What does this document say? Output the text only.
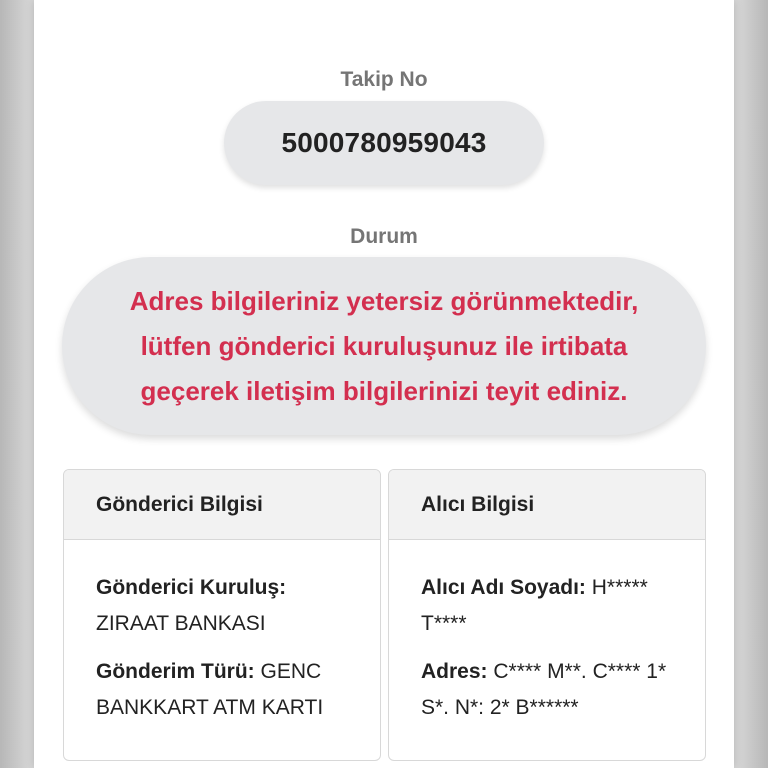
Takip No
5000780959043
Durum
Adres bilgileriniz yetersiz görünmektedir, lütfen gönderici kuruluşunuz ile irtibata geçerek iletişim bilgilerinizi teyit ediniz.
Gönderici Bilgisi
Gönderici Kuruluş:
ZIRAAT BANKASI
Gönderim Türü: GENC BANKKART ATM KARTI
Alıcı Bilgisi
Alıcı Adı Soyadı: H***** T****
Adres: C**** M**. C**** 1* S*. N*: 2* B******
